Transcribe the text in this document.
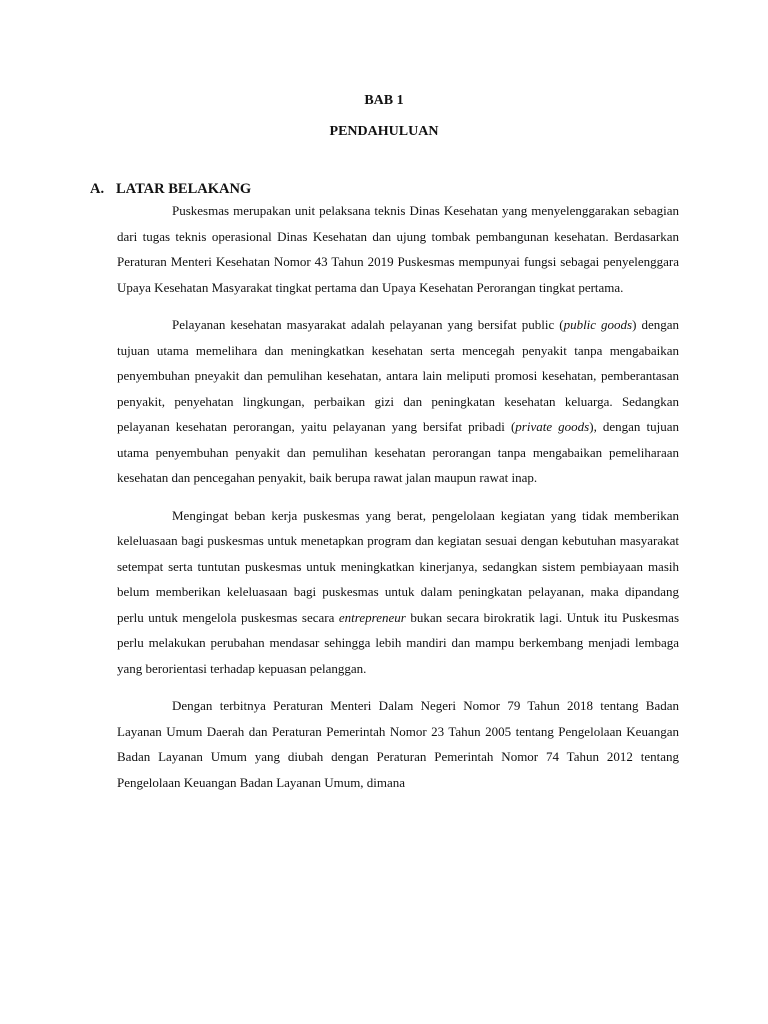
BAB 1

PENDAHULUAN

A. LATAR BELAKANG

Puskesmas merupakan unit pelaksana teknis Dinas Kesehatan yang menyelenggarakan sebagian dari tugas teknis operasional Dinas Kesehatan dan ujung tombak pembangunan kesehatan. Berdasarkan Peraturan Menteri Kesehatan Nomor 43 Tahun 2019 Puskesmas mempunyai fungsi sebagai penyelenggara Upaya Kesehatan Masyarakat tingkat pertama dan Upaya Kesehatan Perorangan tingkat pertama.

Pelayanan kesehatan masyarakat adalah pelayanan yang bersifat public (public goods) dengan tujuan utama memelihara dan meningkatkan kesehatan serta mencegah penyakit tanpa mengabaikan penyembuhan pneyakit dan pemulihan kesehatan, antara lain meliputi promosi kesehatan, pemberantasan penyakit, penyehatan lingkungan, perbaikan gizi dan peningkatan kesehatan keluarga. Sedangkan pelayanan kesehatan perorangan, yaitu pelayanan yang bersifat pribadi (private goods), dengan tujuan utama penyembuhan penyakit dan pemulihan kesehatan perorangan tanpa mengabaikan pemeliharaan kesehatan dan pencegahan penyakit, baik berupa rawat jalan maupun rawat inap.

Mengingat beban kerja puskesmas yang berat, pengelolaan kegiatan yang tidak memberikan keleluasaan bagi puskesmas untuk menetapkan program dan kegiatan sesuai dengan kebutuhan masyarakat setempat serta tuntutan puskesmas untuk meningkatkan kinerjanya, sedangkan sistem pembiayaan masih belum memberikan keleluasaan bagi puskesmas untuk dalam peningkatan pelayanan, maka dipandang perlu untuk mengelola puskesmas secara entrepreneur bukan secara birokratik lagi. Untuk itu Puskesmas perlu melakukan perubahan mendasar sehingga lebih mandiri dan mampu berkembang menjadi lembaga yang berorientasi terhadap kepuasan pelanggan.

Dengan terbitnya Peraturan Menteri Dalam Negeri Nomor 79 Tahun 2018 tentang Badan Layanan Umum Daerah dan Peraturan Pemerintah Nomor 23 Tahun 2005 tentang Pengelolaan Keuangan Badan Layanan Umum yang diubah dengan Peraturan Pemerintah Nomor 74 Tahun 2012 tentang Pengelolaan Keuangan Badan Layanan Umum, dimana
